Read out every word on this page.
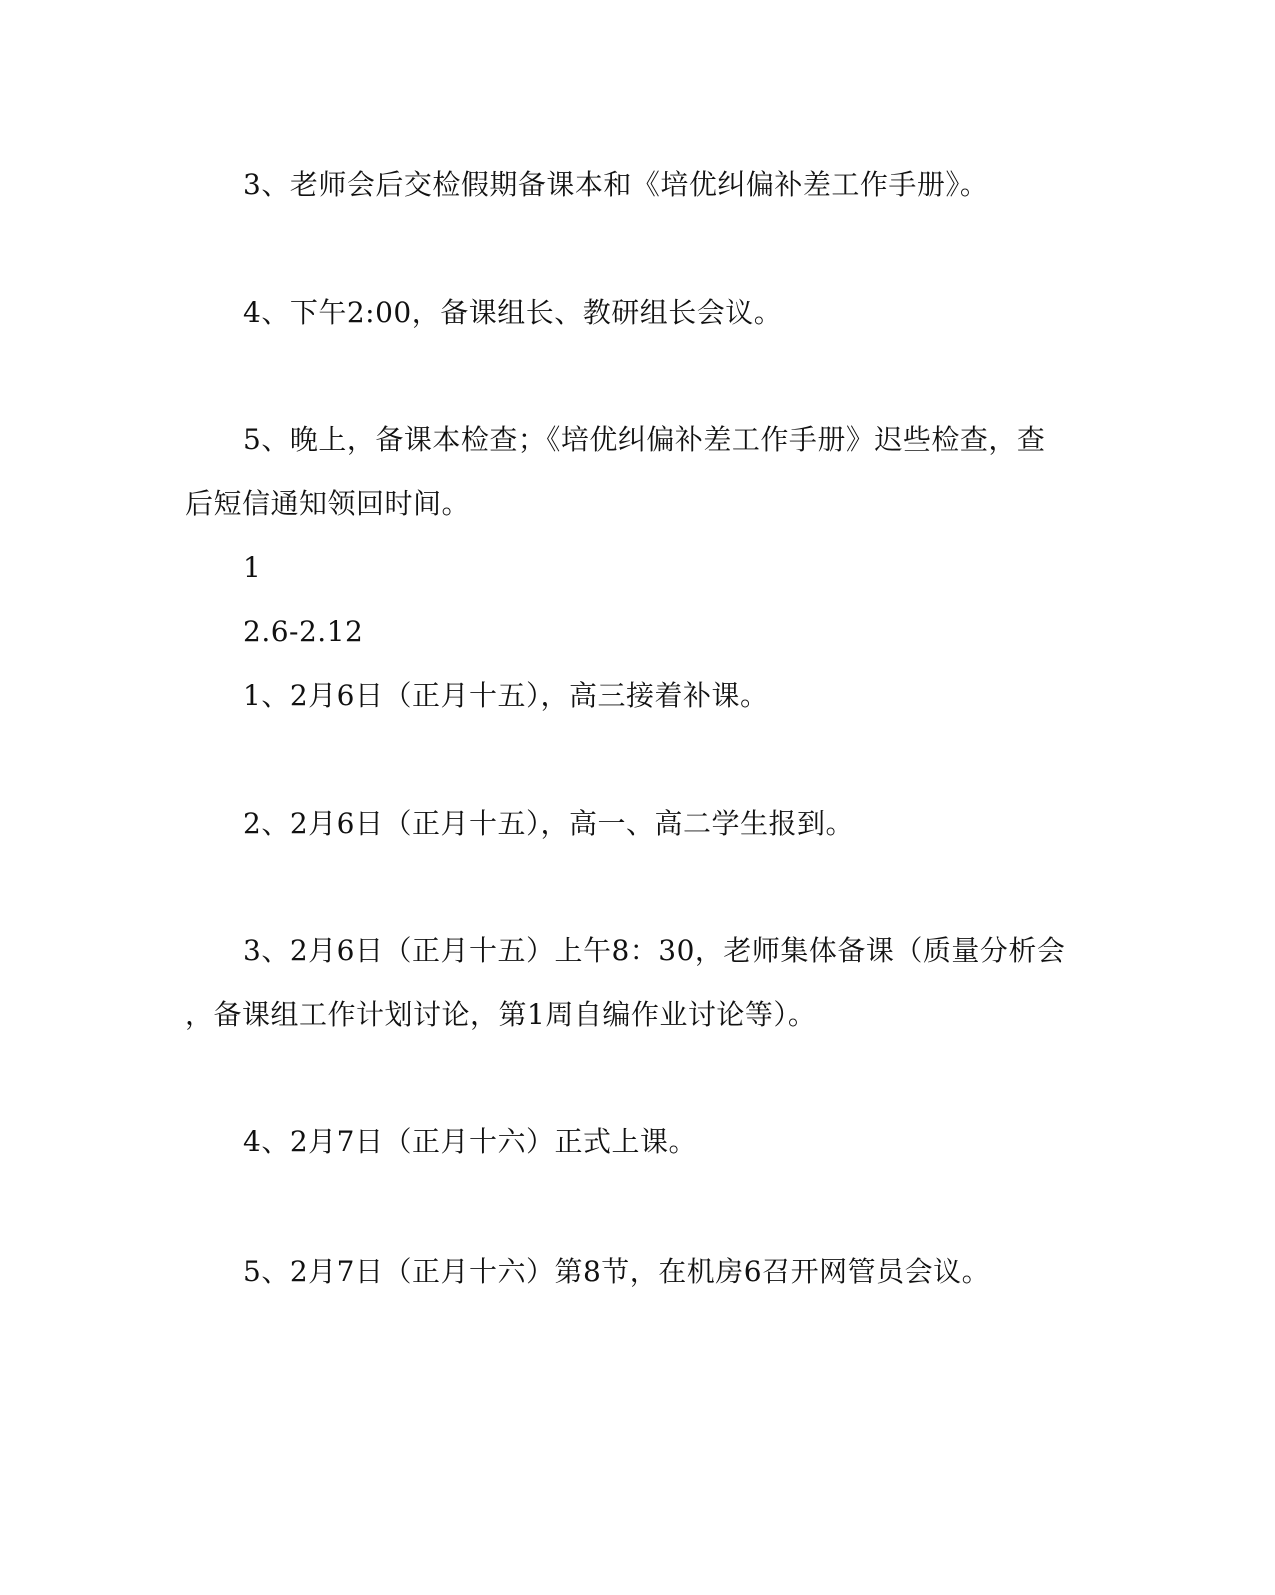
3、老师会后交检假期备课本和《培优纠偏补差工作手册》。
4、下午2:00，备课组长、教研组长会议。
5、晚上，备课本检查；《培优纠偏补差工作手册》迟些检查，查
后短信通知领回时间。
1
2.6-2.12
1、2月6日（正月十五），高三接着补课。
2、2月6日（正月十五），高一、高二学生报到。
3、2月6日（正月十五）上午8：30，老师集体备课（质量分析会
，备课组工作计划讨论，第1周自编作业讨论等）。
4、2月7日（正月十六）正式上课。
5、2月7日（正月十六）第8节，在机房6召开网管员会议。
